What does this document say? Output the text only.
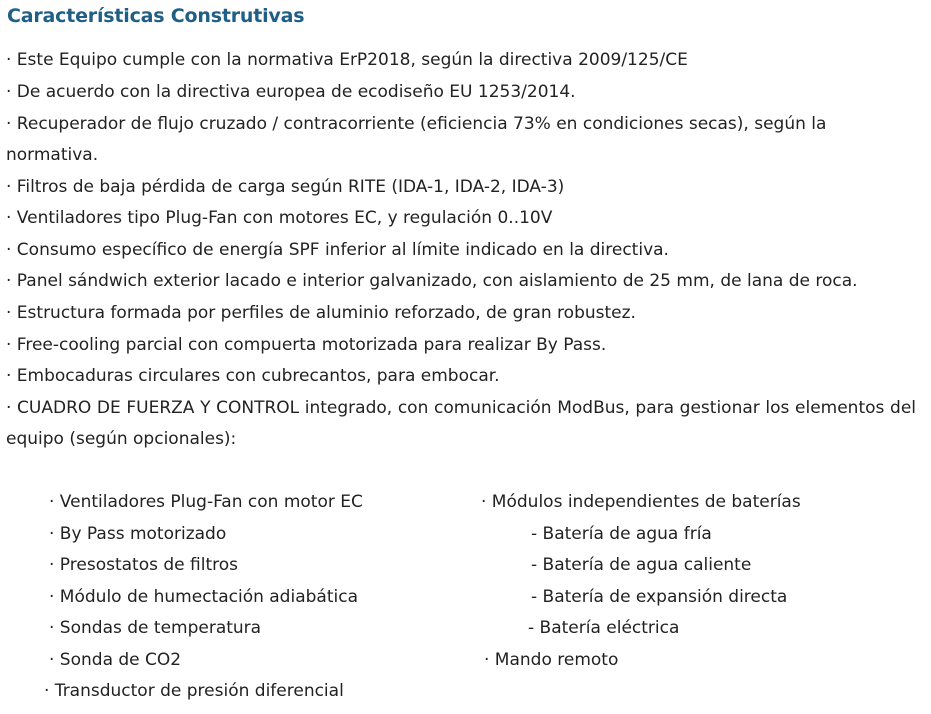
Características Construtivas
· Este Equipo cumple con la normativa ErP2018, según la directiva 2009/125/CE
· De acuerdo con la directiva europea de ecodiseño EU 1253/2014.
· Recuperador de flujo cruzado / contracorriente (eficiencia 73% en condiciones secas), según la normativa.
· Filtros de baja pérdida de carga según RITE (IDA-1, IDA-2, IDA-3)
· Ventiladores tipo Plug-Fan con motores EC, y regulación 0..10V
· Consumo específico de energía SPF inferior al límite indicado en la directiva.
· Panel sándwich exterior lacado e interior galvanizado, con aislamiento de 25 mm, de lana de roca.
· Estructura formada por perfiles de aluminio reforzado, de gran robustez.
· Free-cooling parcial con compuerta motorizada para realizar By Pass.
· Embocaduras circulares con cubrecantos, para embocar.
· CUADRO DE FUERZA Y CONTROL integrado, con comunicación ModBus, para gestionar los elementos del equipo (según opcionales):
· Ventiladores Plug-Fan con motor EC
· By Pass motorizado
· Presostatos de filtros
· Módulo de humectación adiabática
· Sondas de temperatura
· Sonda de CO2
· Transductor de presión diferencial
· Módulos independientes de baterías
- Batería de agua fría
- Batería de agua caliente
- Batería de expansión directa
- Batería eléctrica
· Mando remoto
